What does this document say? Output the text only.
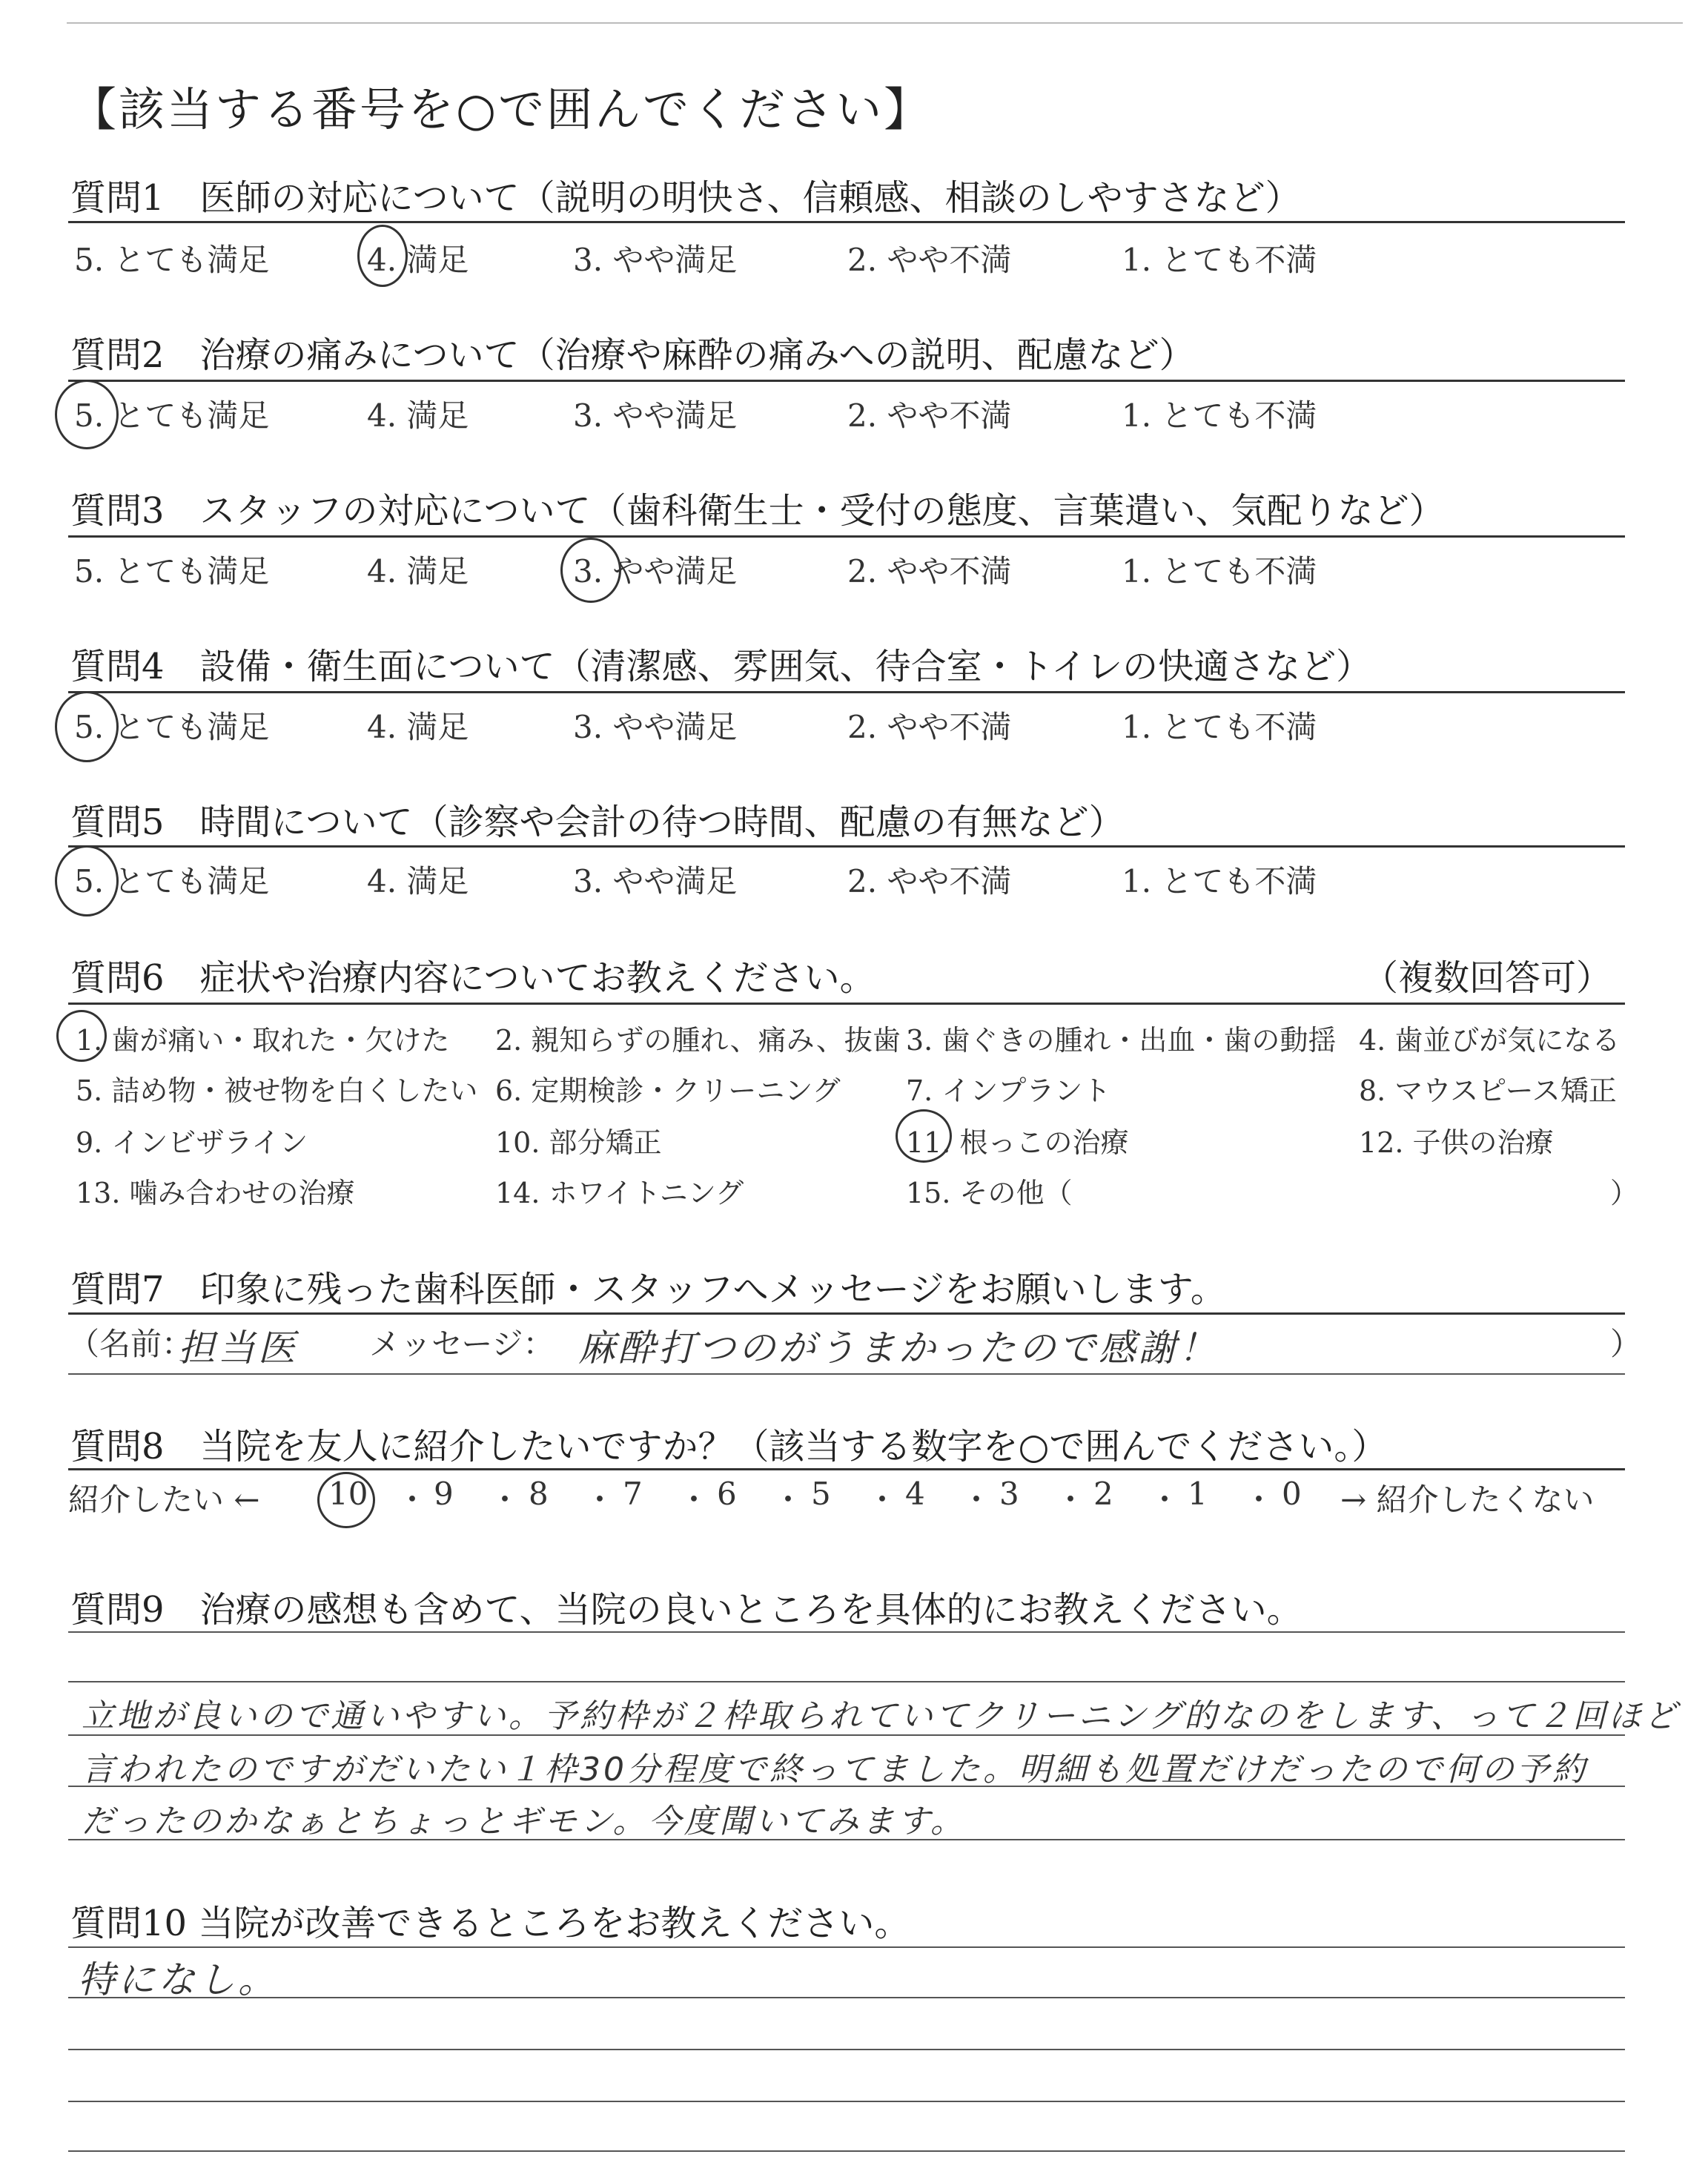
【該当する番号を○で囲んでください】
質問1　医師の対応について（説明の明快さ、信頼感、相談のしやすさなど）
5. とても満足	4. 満足	3. やや満足	2. やや不満	1. とても不満
質問2　治療の痛みについて（治療や麻酔の痛みへの説明、配慮など）
5. とても満足	4. 満足	3. やや満足	2. やや不満	1. とても不満
質問3　スタッフの対応について（歯科衛生士・受付の態度、言葉遣い、気配りなど）
5. とても満足	4. 満足	3. やや満足	2. やや不満	1. とても不満
質問4　設備・衛生面について（清潔感、雰囲気、待合室・トイレの快適さなど）
5. とても満足	4. 満足	3. やや満足	2. やや不満	1. とても不満
質問5　時間について（診察や会計の待つ時間、配慮の有無など）
5. とても満足	4. 満足	3. やや満足	2. やや不満	1. とても不満
質問6　症状や治療内容についてお教えください。	（複数回答可）
1. 歯が痛い・取れた・欠けた 2. 親知らずの腫れ、痛み、抜歯 3. 歯ぐきの腫れ・出血・歯の動揺 4. 歯並びが気になる
5. 詰め物・被せ物を白くしたい 6. 定期検診・クリーニング 7. インプラント	8. マウスピース矯正
9. インビザライン	10. 部分矯正	11. 根っこの治療	12. 子供の治療
13. 噛み合わせの治療	14. ホワイトニング	15. その他（	）
質問7　印象に残った歯科医師・スタッフへメッセージをお願いします。
（名前：
担当医 メッセージ： 麻酔打つのがうまかったので感謝！	）
質問8　当院を友人に紹介したいですか？（該当する数字を○で囲んでください。）
紹介したい ← 10 ・ 9 ・ 8 ・ 7 ・ 6 ・ 5 ・ 4 ・ 3 ・ 2 ・ 1 ・ 0 → 紹介したくない
質問9　治療の感想も含めて、当院の良いところを具体的にお教えください。
立地が良いので通いやすい。予約枠が２枠取られていてクリーニング的なのをします、って２回ほど
言われたのですがだいたい１枠30分程度で終ってました。明細も処置だけだったので何の予約
だったのかなぁとちょっとギモン。今度聞いてみます。
質問10 当院が改善できるところをお教えください。
特になし。
